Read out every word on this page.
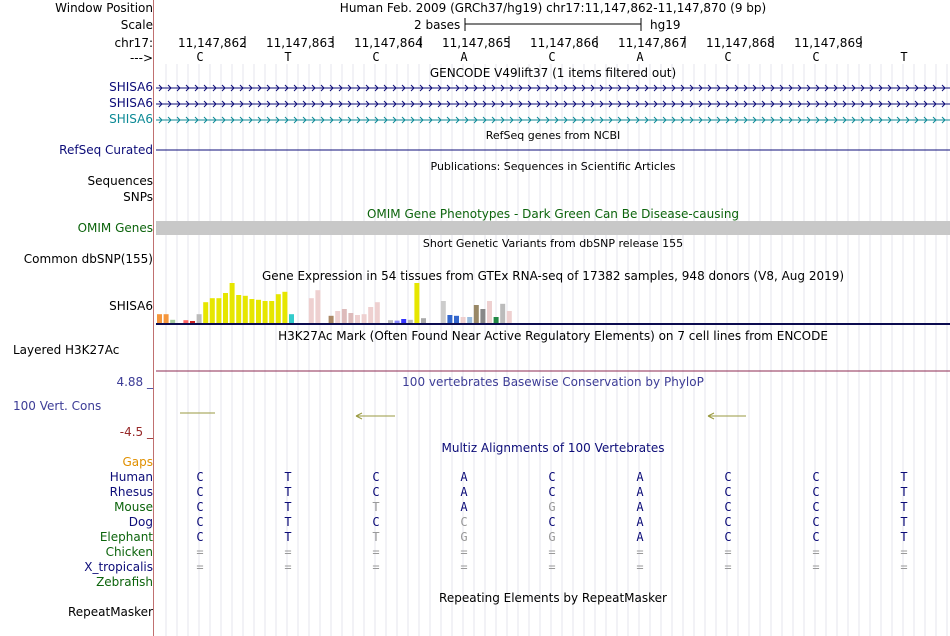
Window Position	Human Feb. 2009 (GRCh37/hg19) chr17:11,147,862-11,147,870 (9 bp)
Scale	2 bases	hg19
chr17:
--->
11,147,862 11,147,863 11,147,864 11,147,865 11,147,866 11,147,867 11,147,868 11,147,869
C	T	C	A	C	A	C	C	T
GENCODE V49lift37 (1 items filtered out)
SHISA6
SHISA6
SHISA6
RefSeq genes from NCBI
RefSeq Curated
Publications: Sequences in Scientific Articles
Sequences
SNPs
OMIM Gene Phenotypes - Dark Green Can Be Disease-causing
OMIM Genes
Short Genetic Variants from dbSNP release 155
Common dbSNP(155)
Gene Expression in 54 tissues from GTEx RNA-seq of 17382 samples, 948 donors (V8, Aug 2019)
SHISA6
H3K27Ac Mark (Often Found Near Active Regulatory Elements) on 7 cell lines from ENCODE
Layered H3K27Ac
4.88 _	100 vertebrates Basewise Conservation by PhyloP
100 Vert. Cons
-4.5 _
Multiz Alignments of 100 Vertebrates
Gaps
Human	C	T	C	A	C	A	C	C	T
Rhesus	C	T	C	A	C	A	C	C	T
Mouse	C	T	T	A	G	A	C	C	T
Dog	C	T	C	C	C	A	C	C	T
Elephant	C	T	T	G	G	A	C	C	T
Chicken	=	=	=	=	=	=	=	=	=
X_tropicalis	=	=	=	=	=	=	=	=	=
Zebrafish
Repeating Elements by RepeatMasker
RepeatMasker
